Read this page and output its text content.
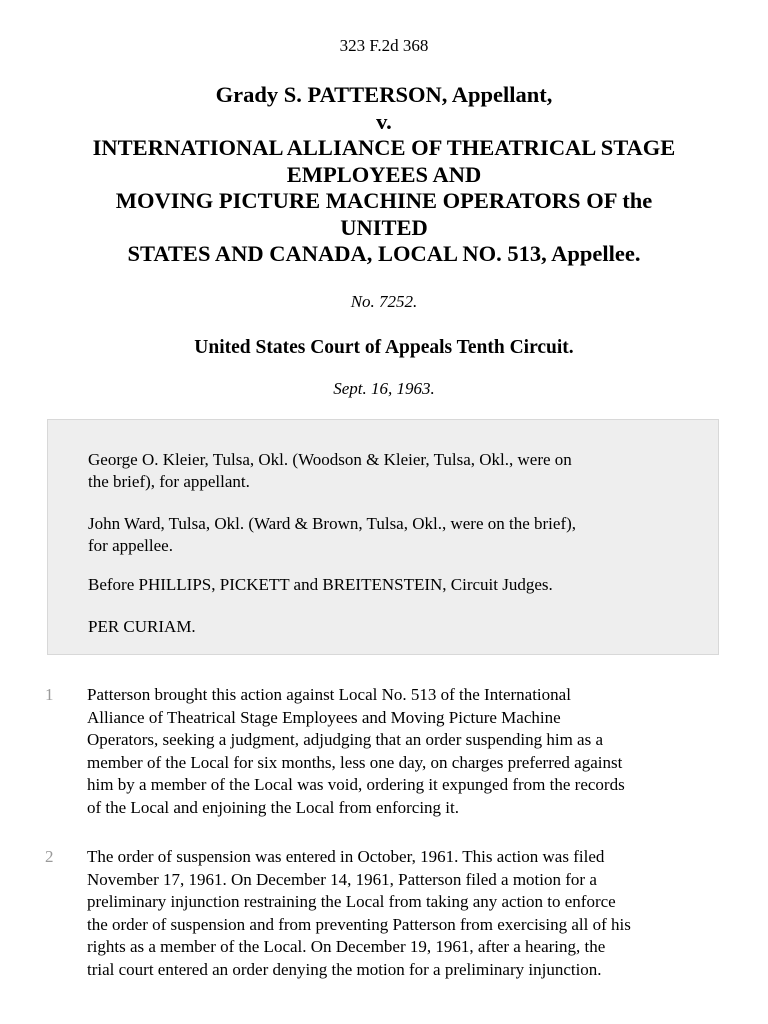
323 F.2d 368
Grady S. PATTERSON, Appellant,
v.
INTERNATIONAL ALLIANCE OF THEATRICAL STAGE
EMPLOYEES AND
MOVING PICTURE MACHINE OPERATORS OF the
UNITED
STATES AND CANADA, LOCAL NO. 513, Appellee.
No. 7252.
United States Court of Appeals Tenth Circuit.
Sept. 16, 1963.
George O. Kleier, Tulsa, Okl. (Woodson & Kleier, Tulsa, Okl., were on
the brief), for appellant.
John Ward, Tulsa, Okl. (Ward & Brown, Tulsa, Okl., were on the brief),
for appellee.
Before PHILLIPS, PICKETT and BREITENSTEIN, Circuit Judges.
PER CURIAM.
1 Patterson brought this action against Local No. 513 of the International
Alliance of Theatrical Stage Employees and Moving Picture Machine
Operators, seeking a judgment, adjudging that an order suspending him as a
member of the Local for six months, less one day, on charges preferred against
him by a member of the Local was void, ordering it expunged from the records
of the Local and enjoining the Local from enforcing it.
2 The order of suspension was entered in October, 1961. This action was filed
November 17, 1961. On December 14, 1961, Patterson filed a motion for a
preliminary injunction restraining the Local from taking any action to enforce
the order of suspension and from preventing Patterson from exercising all of his
rights as a member of the Local. On December 19, 1961, after a hearing, the
trial court entered an order denying the motion for a preliminary injunction.
